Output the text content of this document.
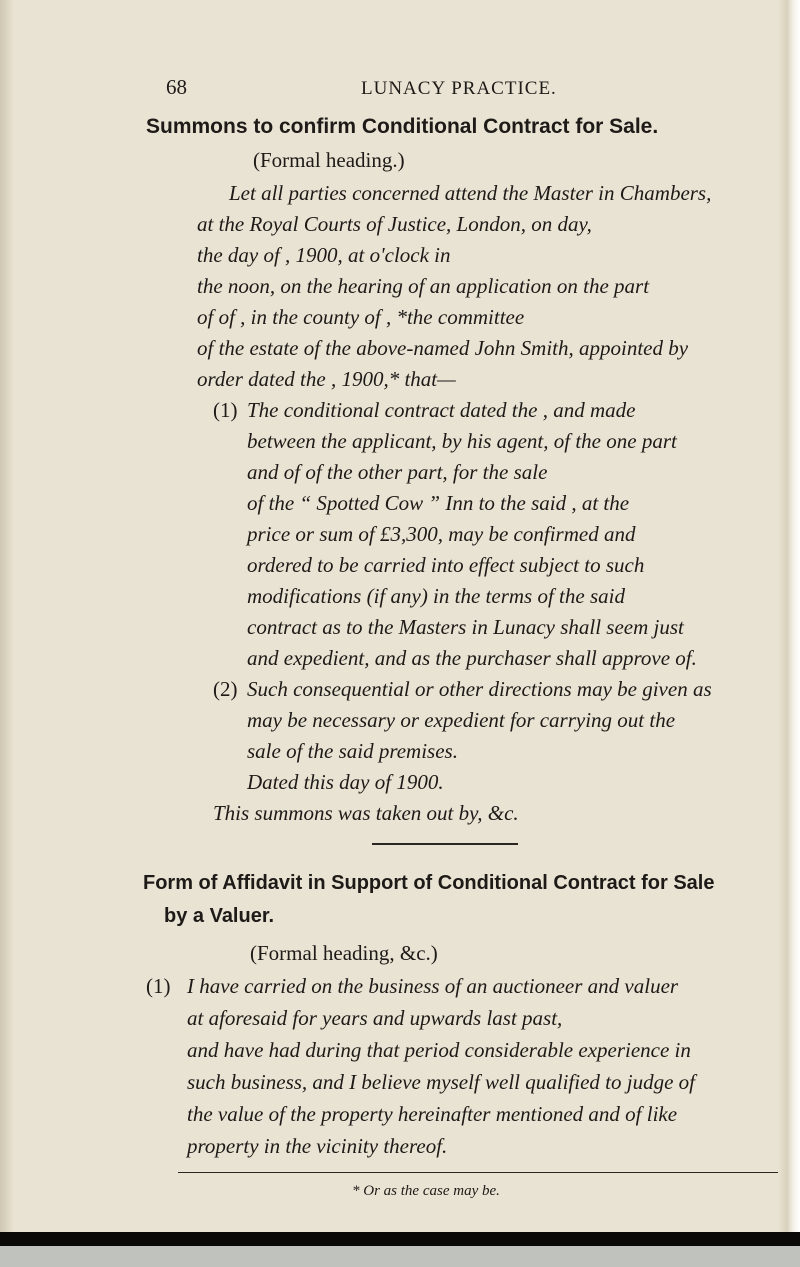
68	LUNACY PRACTICE.
Summons to confirm Conditional Contract for Sale.
(Formal heading.)
Let all parties concerned attend the Master in Chambers,
at the Royal Courts of Justice, London, on day,
the day of , 1900, at o'clock in
the noon, on the hearing of an application on the part
of of , in the county of , *the committee
of the estate of the above-named John Smith, appointed by
order dated the , 1900,* that—
(1) The conditional contract dated the , and made
between the applicant, by his agent, of the one part
and of of the other part, for the sale
of the “ Spotted Cow ” Inn to the said , at the
price or sum of £3,300, may be confirmed and
ordered to be carried into effect subject to such
modifications (if any) in the terms of the said
contract as to the Masters in Lunacy shall seem just
and expedient, and as the purchaser shall approve of.
(2) Such consequential or other directions may be given as
may be necessary or expedient for carrying out the
sale of the said premises.
* Or as the case may be.
Dated this day of 1900.
This summons was taken out by, &c.
Form of Affidavit in Support of Conditional Contract for Sale
by a Valuer.
(Formal heading, &c.)
(1) I have carried on the business of an auctioneer and valuer
at aforesaid for years and upwards last past,
and have had during that period considerable experience in
such business, and I believe myself well qualified to judge of
the value of the property hereinafter mentioned and of like
property in the vicinity thereof.
